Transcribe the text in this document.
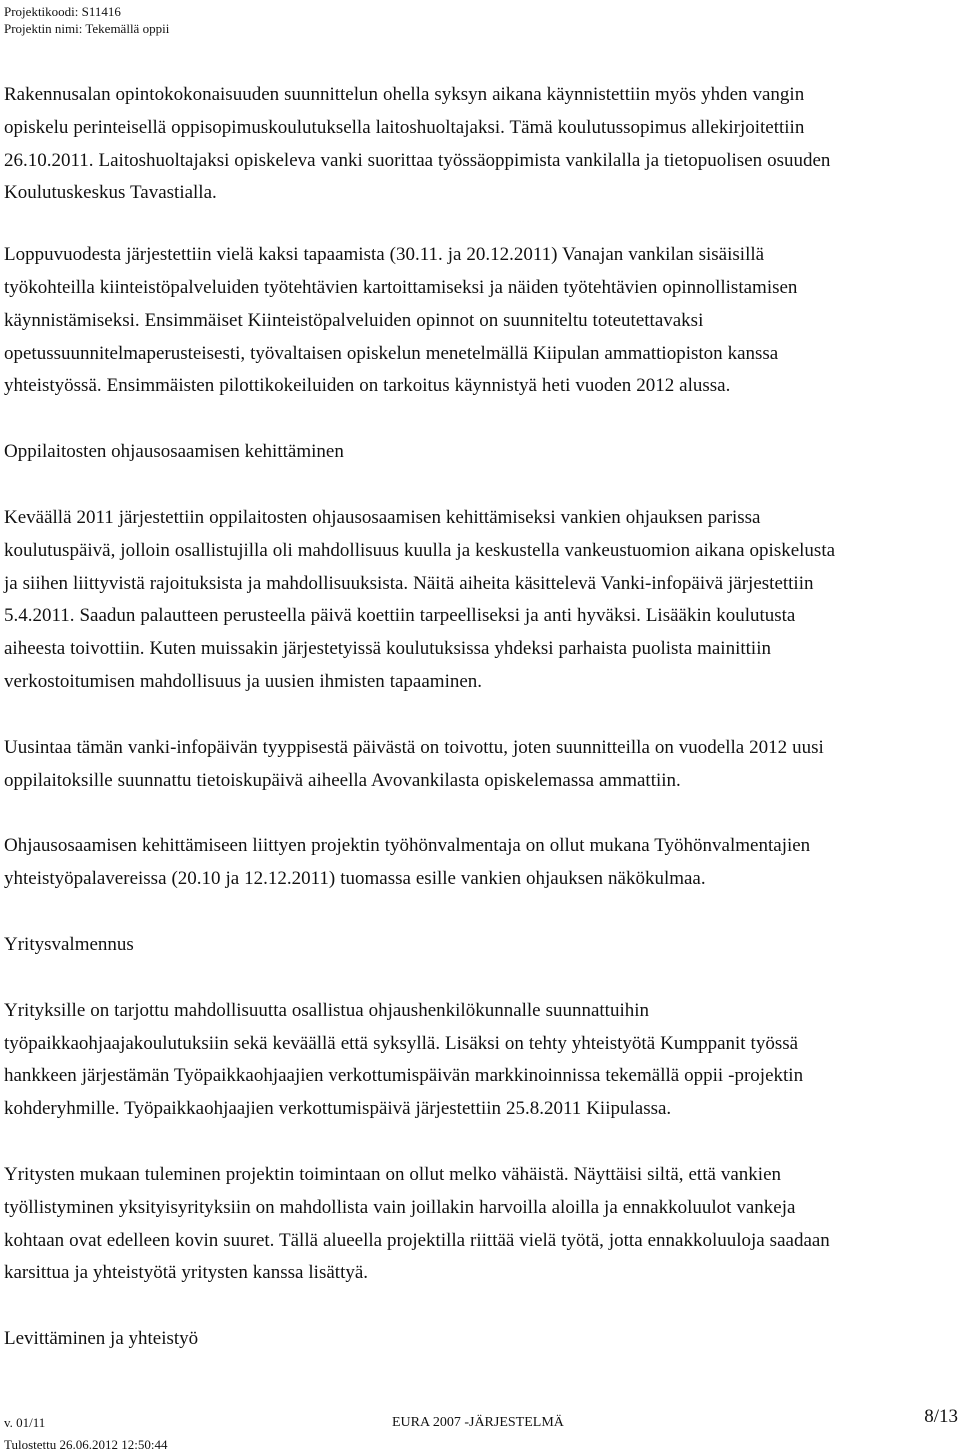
Projektikoodi: S11416
Projektin nimi: Tekemällä oppii

Rakennusalan opintokokonaisuuden suunnittelun ohella syksyn aikana käynnistettiin myös yhden vangin
opiskelu perinteisellä oppisopimuskoulutuksella laitoshuoltajaksi. Tämä koulutussopimus allekirjoitettiin
26.10.2011. Laitoshuoltajaksi opiskeleva vanki suorittaa työssäoppimista vankilalla ja tietopuolisen osuuden
Koulutuskeskus Tavastialla.

Loppuvuodesta järjestettiin vielä kaksi tapaamista (30.11. ja 20.12.2011) Vanajan vankilan sisäisillä
työkohteilla kiinteistöpalveluiden työtehtävien kartoittamiseksi ja näiden työtehtävien opinnollistamisen
käynnistämiseksi. Ensimmäiset Kiinteistöpalveluiden opinnot on suunniteltu toteutettavaksi
opetussuunnitelmaperusteisesti, työvaltaisen opiskelun menetelmällä Kiipulan ammattiopiston kanssa
yhteistyössä. Ensimmäisten pilottikokeiluiden on tarkoitus käynnistyä heti vuoden 2012 alussa.

Oppilaitosten ohjausosaamisen kehittäminen

Keväällä 2011 järjestettiin oppilaitosten ohjausosaamisen kehittämiseksi vankien ohjauksen parissa
koulutuspäivä, jolloin osallistujilla oli mahdollisuus kuulla ja keskustella vankeustuomion aikana opiskelusta
ja siihen liittyvistä rajoituksista ja mahdollisuuksista. Näitä aiheita käsittelevä Vanki-infopäivä järjestettiin
5.4.2011. Saadun palautteen perusteella päivä koettiin tarpeelliseksi ja anti hyväksi. Lisääkin koulutusta
aiheesta toivottiin. Kuten muissakin järjestetyissä koulutuksissa yhdeksi parhaista puolista mainittiin
verkostoitumisen mahdollisuus ja uusien ihmisten tapaaminen.

Uusintaa tämän vanki-infopäivän tyyppisestä päivästä on toivottu, joten suunnitteilla on vuodella 2012 uusi
oppilaitoksille suunnattu tietoiskupäivä aiheella Avovankilasta opiskelemassa ammattiin.

Ohjausosaamisen kehittämiseen liittyen projektin työhönvalmentaja on ollut mukana Työhönvalmentajien
yhteistyöpalavereissa (20.10 ja 12.12.2011) tuomassa esille vankien ohjauksen näkökulmaa.

Yritysvalmennus

Yrityksille on tarjottu mahdollisuutta osallistua ohjaushenkilökunnalle suunnattuihin
työpaikkaohjaajakoulutuksiin sekä keväällä että syksyllä. Lisäksi on tehty yhteistyötä Kumppanit työssä
hankkeen järjestämän Työpaikkaohjaajien verkottumispäivän markkinoinnissa tekemällä oppii -projektin
kohderyhmille. Työpaikkaohjaajien verkottumispäivä järjestettiin 25.8.2011 Kiipulassa.

Yritysten mukaan tuleminen projektin toimintaan on ollut melko vähäistä. Näyttäisi siltä, että vankien
työllistyminen yksityisyrityksiin on mahdollista vain joillakin harvoilla aloilla ja ennakkoluulot vankeja
kohtaan ovat edelleen kovin suuret. Tällä alueella projektilla riittää vielä työtä, jotta ennakkoluuloja saadaan
karsittua ja yhteistyötä yritysten kanssa lisättyä.

Levittäminen ja yhteistyö
v. 01/11	EURA 2007 -JÄRJESTELMÄ	8/13
Tulostettu 26.06.2012 12:50:44
